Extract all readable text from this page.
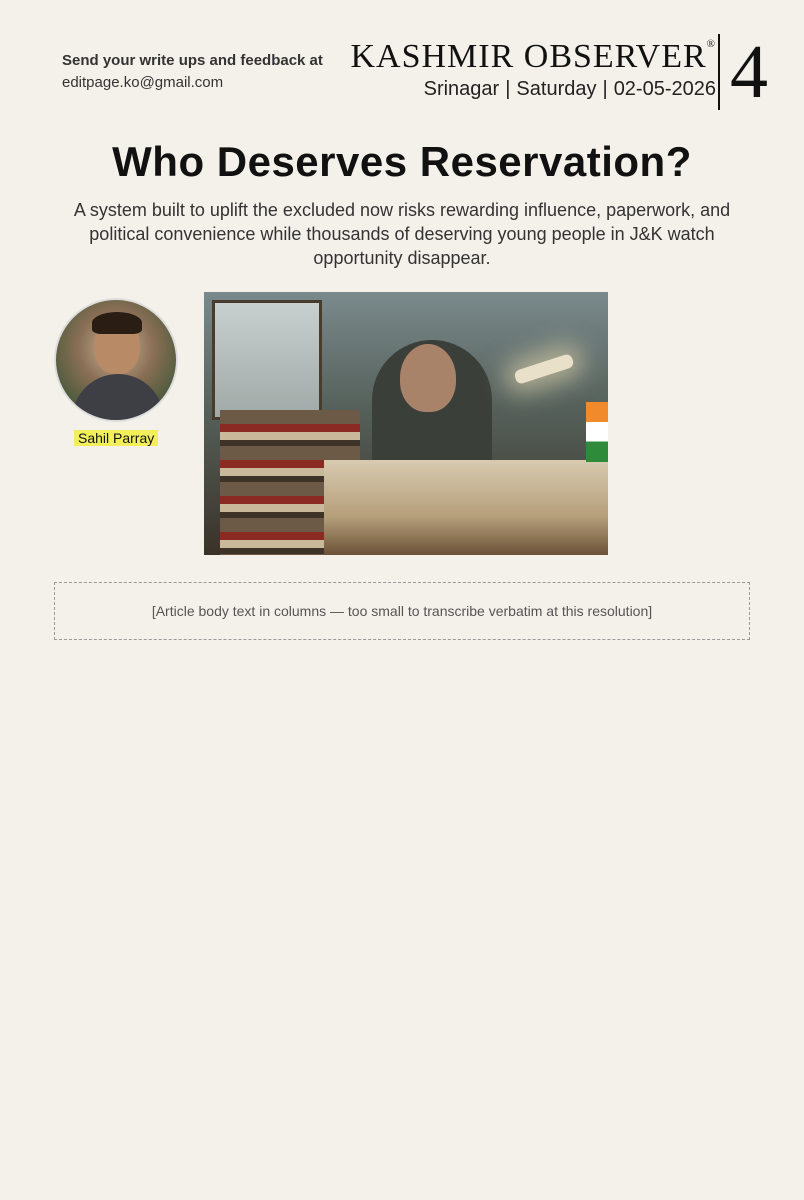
Send your write ups and feedback at
editpage.ko@gmail.com
KASHMIR OBSERVER®
Srinagar | Saturday | 02-05-2026 4
Who Deserves Reservation?

A system built to uplift the excluded now risks rewarding influence, paperwork, and political convenience while thousands of deserving young people in J&K watch opportunity disappear.

Sahil Parray
[Article body text in columns — too small to transcribe verbatim at this resolution]
